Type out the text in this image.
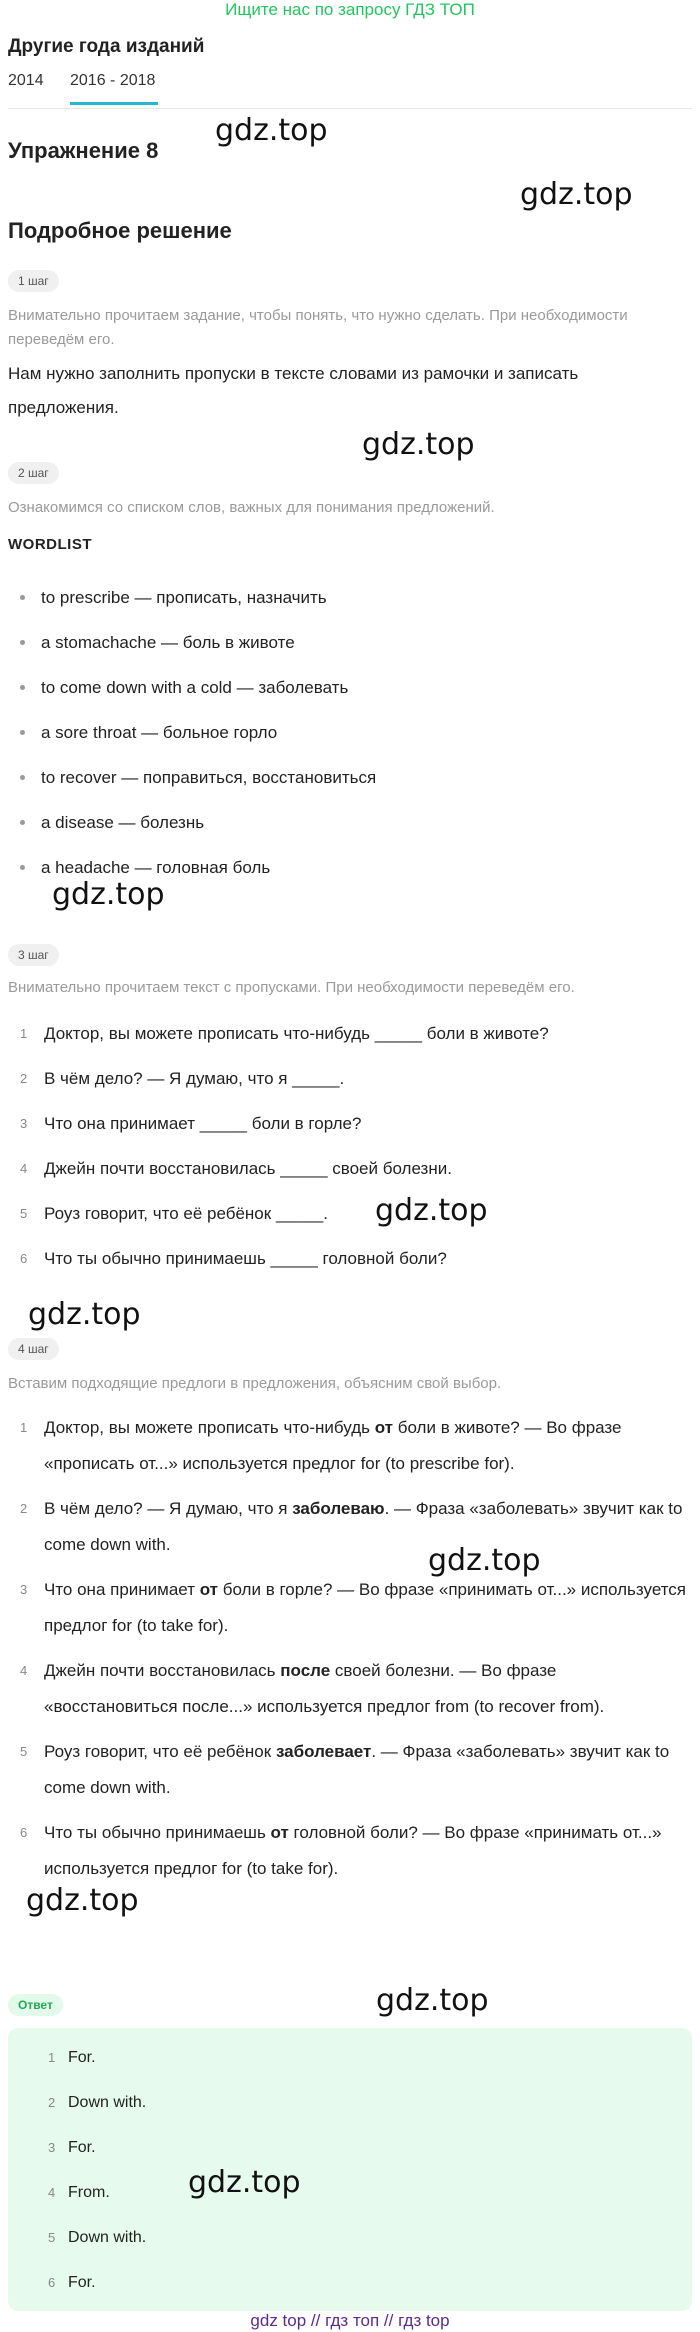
Ищите нас по запросу ГДЗ ТОП
Другие года изданий
2014 2016 - 2018
Упражнение 8
gdz.top
gdz.top
Подробное решение
1 шаг
Внимательно прочитаем задание, чтобы понять, что нужно сделать. При необходимости переведём его.
Нам нужно заполнить пропуски в тексте словами из рамочки и записать предложения.
gdz.top
2 шаг
Ознакомимся со списком слов, важных для понимания предложений.
WORDLIST
to prescribe — прописать, назначить
a stomachache — боль в животе
to come down with a cold — заболевать
a sore throat — больное горло
to recover — поправиться, восстановиться
a disease — болезнь
a headache — головная боль
gdz.top
3 шаг
Внимательно прочитаем текст с пропусками. При необходимости переведём его.
1 Доктор, вы можете прописать что-нибудь _____ боли в животе?
2 В чём дело? — Я думаю, что я _____.
3 Что она принимает _____ боли в горле?
4 Джейн почти восстановилась _____ своей болезни.
5 Роуз говорит, что её ребёнок _____.
6 Что ты обычно принимаешь _____ головной боли?
gdz.top
gdz.top
4 шаг
Вставим подходящие предлоги в предложения, объясним свой выбор.
1 Доктор, вы можете прописать что-нибудь от боли в животе? — Во фразе «прописать от...» используется предлог for (to prescribe for).
2 В чём дело? — Я думаю, что я заболеваю. — Фраза «заболевать» звучит как to come down with.
3 Что она принимает от боли в горле? — Во фразе «принимать от...» используется предлог for (to take for).
4 Джейн почти восстановилась после своей болезни. — Во фразе «восстановиться после...» используется предлог from (to recover from).
5 Роуз говорит, что её ребёнок заболевает. — Фраза «заболевать» звучит как to come down with.
6 Что ты обычно принимаешь от головной боли? — Во фразе «принимать от...» используется предлог for (to take for).
gdz.top
gdz.top
Ответ	gdz.top
1 For.
2 Down with.
3 For.
4 From.
5 Down with.
6 For.
gdz.top
gdz top // гдз топ // гдз top
